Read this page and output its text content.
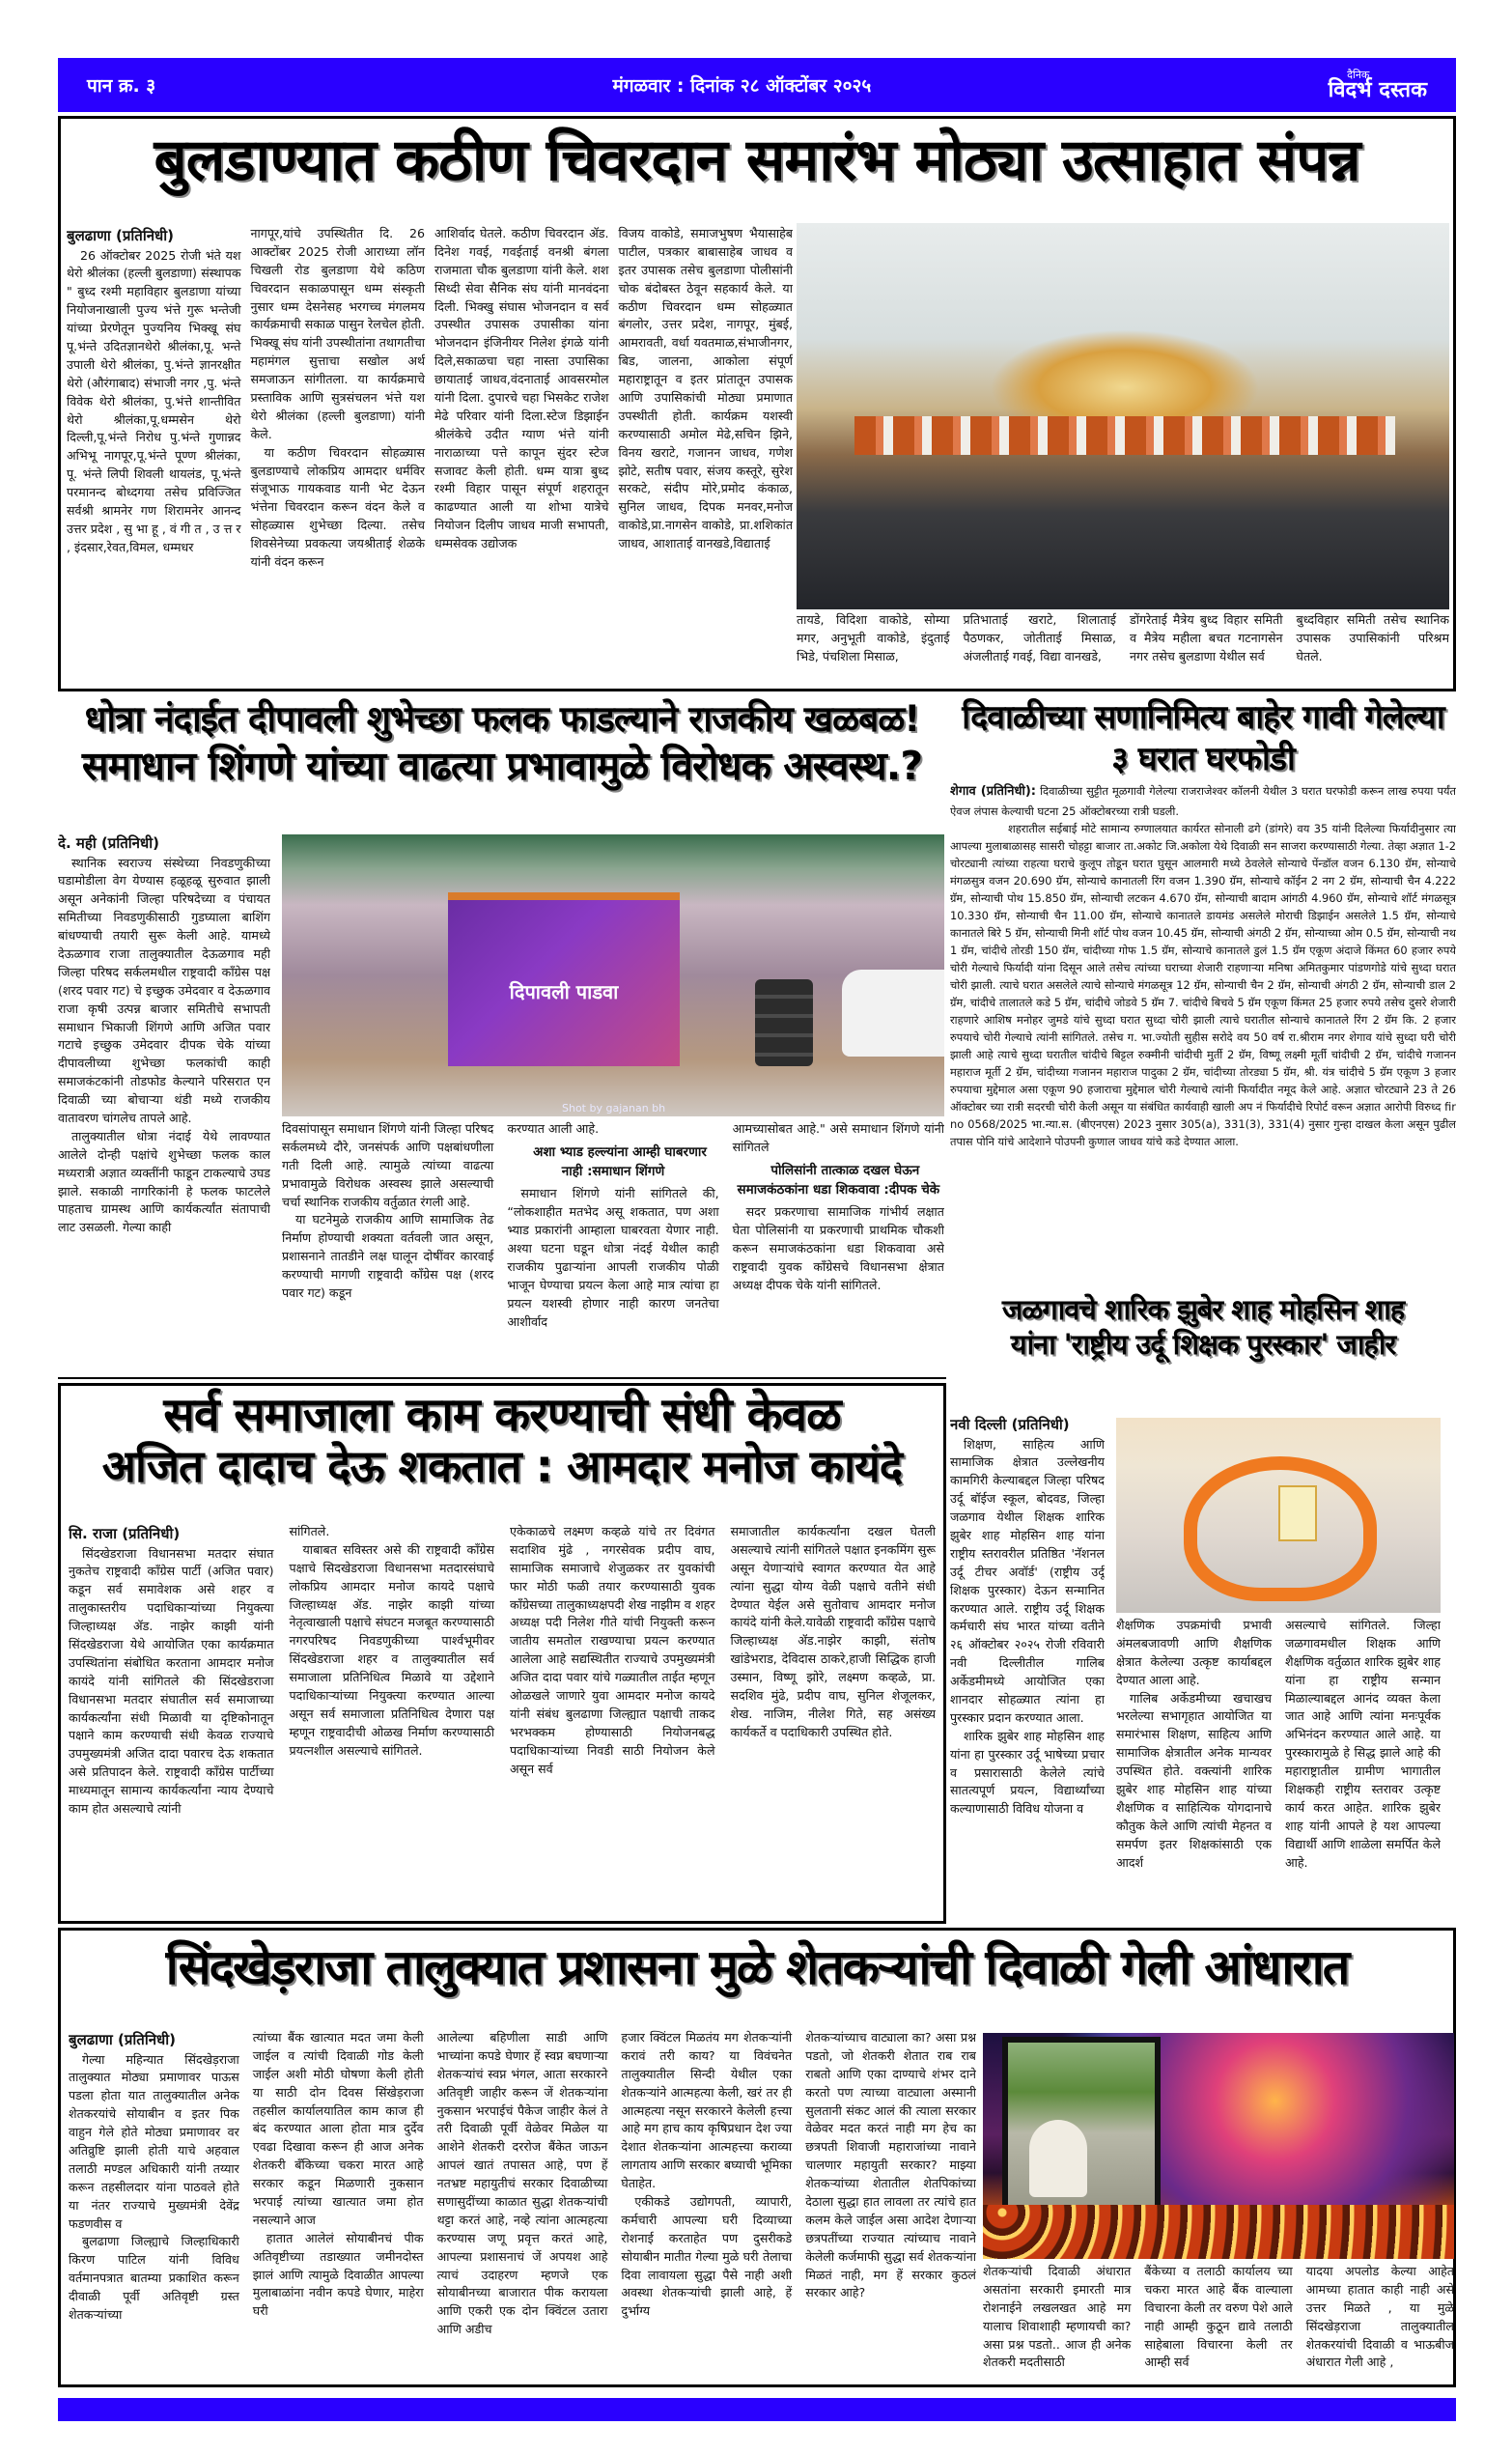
पान क्र. ३	मंगळवार : दिनांक २८ ऑक्टोंबर २०२५
दैनिक
विदर्भ दस्तक
बुलडाण्यात कठीण चिवरदान समारंभ मोठ्या उत्साहात संपन्न
बुलढाणा (प्रतिनिधी)

26 ऑक्टोबर 2025 रोजी भंते यश थेरो श्रीलंका (हल्ली बुलडाणा) संस्थापक " बुध्द रश्मी महाविहार बुलडाणा यांच्या नियोजनाखाली पुज्य भंत्ते गुरू भन्तेजी यांच्या प्रेरणेतून पुज्यनिय भिक्खू संघ पू.भंन्ते उदितज्ञानथेरो श्रीलंका,पू. भन्ते उपाली थेरो श्रीलंका, पु.भंन्ते ज्ञानरक्षीत थेरो (औरंगाबाद) संभाजी नगर ,पु. भंन्ते विवेक थेरो श्रीलंका, पु.भंत्ते शान्तीवित थेरो श्रीलंका,पू.धम्मसेन थेरो दिल्ली,पू.भंन्ते निरोध पु.भंन्ते गुणान्नद अभिभू नागपूर,पू.भंन्ते पूण्ण श्रीलंका, पू. भंन्ते लिपी शिवली थायलंड, पू.भंन्ते परमानन्द बोध्दगया तसेच प्रविज्जित सर्वश्री श्रामनेर गण शिरामनेर आनन्द उत्तर प्रदेश , सु भा हू , वं गी त , उ त्त र , इंदसार,रेवत,विमल, धम्मधर

नागपूर,यांचे उपस्थितीत दि. 26 आक्टोंबर 2025 रोजी आराध्या लॉन चिखली रोड बुलडाणा येथे कठिण चिवरदान सकाळपासून धम्म संस्कृती नुसार धम्म देसनेसह भरगच्च मंगलमय कार्यक्रमाची सकाळ पासुन रेलचेल होती. भिक्खू संघ यांनी उपस्थीतांना तथागतीचा महामंगल सुत्ताचा सखोल अर्थ समजाऊन सांगीतला. या कार्यक्रमाचे प्रस्ताविक आणि सुत्रसंचलन भंत्ते यश थेरो श्रीलंका (हल्ली बुलडाणा) यांनी केले.

या कठीण चिवरदान सोहळ्यास बुलडाण्याचे लोकप्रिय आमदार धर्मविर संजूभाऊ गायकवाड यानी भेट देऊन भंत्तेना चिवरदान करून वंदन केले व सोहळ्यास शुभेच्छा दिल्या. तसेच शिवसेनेच्या प्रवकत्या जयश्रीताई शेळके यांनी वंदन करून

आशिर्वाद घेतले. कठीण चिवरदान ॲड. दिनेश गवई, गवईताई वनश्री बंगला राजमाता चौक बुलडाणा यांनी केले. शश सिध्दी सेवा सैनिक संघ यांनी मानवंदना दिली. भिक्खु संघास भोजनदान व सर्व उपस्थीत उपासक उपासीका यांना भोजनदान इंजिनीयर निलेश इंगळे यांनी दिले,सकाळचा चहा नास्ता उपासिका छायाताई जाधव,वंदनाताई आवसरमोल यांनी दिला. दुपारचे चहा भिसकेट राजेश मेढे परिवार यांनी दिला.स्टेज डिझाईन श्रीलंकेचे उदीत ग्याण भंत्ते यांनी नाराळाच्या पत्ते कापून सुंदर स्टेज सजावट केली होती. धम्म यात्रा बुध्द रश्मी विहार पासून संपूर्ण शहरातून काढण्यात आली या शोभा यात्रेचे नियोजन दिलीप जाधव माजी सभापती, धम्मसेवक उद्योजक

विजय वाकोडे, समाजभुषण भैयासाहेब पाटील, पत्रकार बाबासाहेब जाधव व इतर उपासक तसेच बुलडाणा पोलीसांनी चोक बंदोबस्त ठेवून सहकार्य केले. या कठीण चिवरदान धम्म सोहळ्यात बंगलोर, उत्तर प्रदेश, नागपूर, मुंबई, आमरावती, वर्धा यवतमाळ,संभाजीनगर, बिड, जालना, आकोला संपूर्ण महाराष्ट्रातून व इतर प्रांतातून उपासक आणि उपासिकांची मोठ्या प्रमाणात उपस्थीती होती. कार्यक्रम यशस्वी करण्यासाठी अमोल मेढे,सचिन झिने, विनय खराटे, गजानन जाधव, गणेश झोटे, सतीष पवार, संजय कस्तूरे, सुरेश सरकटे, संदीप मोरे,प्रमोद कंकाळ, सुनिल जाधव, दिपक मनवर,मनोज वाकोडे,प्रा.नागसेन वाकोडे, प्रा.शशिकांत जाधव, आशाताई वानखडे,विद्याताई

तायडे, विदिशा वाकोडे, सोम्या मगर, अनुभूती वाकोडे, इंदुताई भिडे, पंचशिला मिसाळ,
प्रतिभाताई खराटे, शिलाताई पैठणकर, जोतीताई मिसाळ, अंजलीताई गवई, विद्या वानखडे,
डोंगरेताई मैत्रेय बुध्द विहार समिती व मैत्रेय महीला बचत गटनागसेन नगर तसेच बुलडाणा येथील सर्व
बुध्दविहार समिती तसेच स्थानिक उपासक उपासिकांनी परिश्रम घेतले.
धोत्रा नंदाईत दीपावली शुभेच्छा फलक फाडल्याने राजकीय खळबळ!
समाधान शिंगणे यांच्या वाढत्या प्रभावामुळे विरोधक अस्वस्थ.?
दे. मही (प्रतिनिधी)

स्थानिक स्वराज्य संस्थेच्या निवडणुकीच्या घडामोडीला वेग येण्यास हळूहळू सुरुवात झाली असून अनेकांनी जिल्हा परिषदेच्या व पंचायत समितीच्या निवडणुकीसाठी गुडघ्याला बाशिंग बांधण्याची तयारी सुरू केली आहे. यामध्ये देऊळगाव राजा तालुक्यातील देऊळगाव मही जिल्हा परिषद सर्कलमधील राष्ट्रवादी काँग्रेस पक्ष (शरद पवार गट) चे इच्छुक उमेदवार व देऊळगाव राजा कृषी उत्पन्न बाजार समितीचे सभापती समाधान भिकाजी शिंगणे आणि अजित पवार गटाचे इच्छुक उमेदवार दीपक चेके यांच्या दीपावलीच्या शुभेच्छा फलकांची काही समाजकंटकांनी तोडफोड केल्याने परिसरात एन दिवाळी च्या बोचाऱ्या थंडी मध्ये राजकीय वातावरण चांगलेच तापले आहे.

तालुक्यातील धोत्रा नंदाई येथे लावण्यात आलेले दोन्ही पक्षांचे शुभेच्छा फलक काल मध्यरात्री अज्ञात व्यक्तींनी फाडून टाकल्याचे उघड झाले. सकाळी नागरिकांनी हे फलक फाटलेले पाहताच ग्रामस्थ आणि कार्यकर्त्यांत संतापाची लाट उसळली. गेल्या काही

दिपावली पाडवा
Shot by gajanan bh

दिवसांपासून समाधान शिंगणे यांनी जिल्हा परिषद सर्कलमध्ये दौरे, जनसंपर्क आणि पक्षबांधणीला गती दिली आहे. त्यामुळे त्यांच्या वाढत्या प्रभावामुळे विरोधक अस्वस्थ झाले असल्याची चर्चा स्थानिक राजकीय वर्तुळात रंगली आहे.

या घटनेमुळे राजकीय आणि सामाजिक तेढ निर्माण होण्याची शक्यता वर्तवली जात असून, प्रशासनाने तातडीने लक्ष घालून दोषींवर कारवाई करण्याची मागणी राष्ट्रवादी काँग्रेस पक्ष (शरद पवार गट) कडून

करण्यात आली आहे.

अशा भ्याड हल्ल्यांना आम्ही घाबरणार नाही :समाधान शिंगणे

समाधान शिंगणे यांनी सांगितले की, “लोकशाहीत मतभेद असू शकतात, पण अशा भ्याड प्रकारांनी आम्हाला घाबरवता येणार नाही. अश्या घटना घडून धोत्रा नंदई येथील काही राजकीय पुढाऱ्यांना आपली राजकीय पोळी भाजून घेण्याचा प्रयत्न केला आहे मात्र त्यांचा हा प्रयत्न यशस्वी होणार नाही कारण जनतेचा आशीर्वाद

आमच्यासोबत आहे." असे समाधान शिंगणे यांनी सांगितले

पोलिसांनी तात्काळ दखल घेऊन समाजकंठकांना धडा शिकवावा :दीपक चेके

सदर प्रकरणाचा सामाजिक गांभीर्य लक्षात घेता पोलिसांनी या प्रकरणाची प्राथमिक चौकशी करून समाजकंठकांना धडा शिकवावा असे राष्ट्रवादी युवक काँग्रेसचे विधानसभा क्षेत्रात अध्यक्ष दीपक चेके यांनी सांगितले.

दिवाळीच्या सणानिमित्य बाहेर गावी गेलेल्या ३ घरात घरफोडी

शेगाव (प्रतिनिधी): दिवाळीच्या सुट्टीत मूळगावी गेलेल्या राजराजेश्वर कॉलनी येथील 3 घरात घरफोडी करून लाख रुपया पर्यंत ऐवज लंपास केल्याची घटना 25 ऑक्टोबरच्या रात्री घडली.

शहरातील सईबाई मोटे सामान्य रुग्णालयात कार्यरत सोनाली ढगे (डांगरे) वय 35 यांनी दिलेल्या फिर्यादीनुसार त्या आपल्या मुलाबाळासह सासरी चोहट्टा बाजार ता.अकोट जि.अकोला येथे दिवाळी सन साजरा करण्यासाठी गेल्या. तेव्हा अज्ञात 1-2 चोरट्यानी त्यांच्या राहत्या घराचे कुलूप तोडून घरात घुसून आलमारी मध्ये ठेवलेले सोन्याचे पेंन्डॉल वजन 6.130 ग्रॅम, सोन्याचे मंगळसुत्र वजन 20.690 ग्रॅम, सोन्याचे कानातली रिंग वजन 1.390 ग्रॅम, सोन्याचे कॉईन 2 नग 2 ग्रॅम, सोन्याची चैन 4.222 ग्रॅम, सोन्याची पोथ 15.850 ग्रॅम, सोन्याची लटकन 4.670 ग्रॅम, सोन्याची बादाम आंगठी 4.960 ग्रॅम, सोन्याचे शॉर्ट मंगळसूत्र 10.330 ग्रॅम, सोन्याची चैन 11.00 ग्रॅम, सोन्याचे कानातले डायमंड असलेले मोराची डिझाईन असलेले 1.5 ग्रॅम, सोन्याचे कानातले बिरे 5 ग्रॅम, सोन्याची मिनी शॉर्ट पोथ वजन 10.45 ग्रॅम, सोन्याची अंगठी 2 ग्रॅम, सोन्याच्या ओम 0.5 ग्रॅम, सोन्याची नथ 1 ग्रॅम, चांदीचे तोरडी 150 ग्रॅम, चांदीच्या गोफ 1.5 ग्रॅम, सोन्याचे कानातले डुलं 1.5 ग्रॅम एकूण अंदाजे किंमत 60 हजार रुपये चोरी गेल्याचे फिर्यादी यांना दिसून आले तसेच त्यांच्या घराच्या शेजारी राहणाऱ्या मनिषा अमितकुमार पांडणगोडे यांचे सुध्दा घरात चोरी झाली. त्याचे घरात असलेले त्याचे सोन्याचे मंगळसूत्र 12 ग्रॅम, सोन्याची चैन 2 ग्रॅम, सोन्याची अंगठी 2 ग्रॅम, सोन्याची डाल 2 ग्रॅम, चांदीचे तालातले कडे 5 ग्रॅम, चांदीचे जोडवे 5 ग्रॅम 7. चांदीचे बिचवे 5 ग्रॅम एकूण किंमत 25 हजार रुपये तसेच दुसरे शेजारी राहणारे आशिष मनोहर जुमडे यांचे सुध्दा घरात सुध्दा चोरी झाली त्याचे घरातील सोन्याचे कानातले रिंग 2 ग्रॅम कि. 2 हजार रुपयाचे चोरी गेल्याचे त्यांनी सांगितले. तसेच ग. भा.ज्योती सुहीस सरोदे वय 50 वर्ष रा.श्रीराम नगर शेगाव यांचे सुध्दा घरी चोरी झाली आहे त्याचे सुध्दा घरातील चांदीचे बिट्टल रुक्मीनी चांदीची मुर्ती 2 ग्रॅम, विष्णू लक्ष्मी मूर्ती चांदीची 2 ग्रॅम, चांदीचे गजानन महाराज मूर्ती 2 ग्रॅम, चांदीच्या गजानन महाराज पादुका 2 ग्रॅम, चांदीच्या तोरड्या 5 ग्रॅम, श्री. यंत्र चांदीचे 5 ग्रॅम एकूण 3 हजार रुपयाचा मुद्देमाल असा एकूण 90 हजाराचा मुद्देमाल चोरी गेल्याचे त्यांनी फिर्यादीत नमूद केले आहे. अज्ञात चोरट्याने 23 ते 26 ऑक्टोबर च्या रात्री सदरची चोरी केली असून या संबंधित कार्यवाही खाली अप नं फिर्यादीचे रिपोर्ट वरून अज्ञात आरोपी विरुध्द fir no 0568/2025 भा.न्या.स. (बीएनएस) 2023 नुसार 305(a), 331(3), 331(4) नुसार गुन्हा दाखल केला असून पुढील तपास पोनि यांचे आदेशाने पोउपनी कुणाल जाधव यांचे कडे देण्यात आला.

जळगावचे शारिक झुबेर शाह मोहसिन शाह
यांना 'राष्ट्रीय उर्दू शिक्षक पुरस्कार' जाहीर
नवी दिल्ली (प्रतिनिधी)

शिक्षण, साहित्य आणि सामाजिक क्षेत्रात उल्लेखनीय कामगिरी केल्याबद्दल जिल्हा परिषद उर्दू बॉईज स्कूल, बोदवड, जिल्हा जळगाव येथील शिक्षक शारिक झुबेर शाह मोहसिन शाह यांना राष्ट्रीय स्तरावरील प्रतिष्ठित 'नॅशनल उर्दू टीचर अवॉर्ड' (राष्ट्रीय उर्दू शिक्षक पुरस्कार) देऊन सन्मानित करण्यात आले. राष्ट्रीय उर्दू शिक्षक कर्मचारी संघ भारत यांच्या वतीने २६ ऑक्टोबर २०२५ रोजी रविवारी नवी दिल्लीतील गालिब अर्केडमीमध्ये आयोजित एका शानदार सोहळ्यात त्यांना हा पुरस्कार प्रदान करण्यात आला.

शारिक झुबेर शाह मोहसिन शाह यांना हा पुरस्कार उर्दू भाषेच्या प्रचार व प्रसारासाठी केलेले त्यांचे सातत्यपूर्ण प्रयत्न, विद्यार्थ्यांच्या कल्याणासाठी विविध योजना व

शैक्षणिक उपक्रमांची प्रभावी अंमलबजावणी आणि शैक्षणिक क्षेत्रात केलेल्या उत्कृष्ट कार्याबद्दल देण्यात आला आहे.

गालिब अर्केडमीच्या खचाखच भरलेल्या सभागृहात आयोजित या समारंभास शिक्षण, साहित्य आणि सामाजिक क्षेत्रातील अनेक मान्यवर उपस्थित होते. वक्त्यांनी शारिक झुबेर शाह मोहसिन शाह यांच्या शैक्षणिक व साहित्यिक योगदानाचे कौतुक केले आणि त्यांची मेहनत व समर्पण इतर शिक्षकांसाठी एक आदर्श

असल्याचे सांगितले. जिल्हा जळगावमधील शिक्षक आणि शैक्षणिक वर्तुळात शारिक झुबेर शाह यांना हा राष्ट्रीय सन्मान मिळाल्याबद्दल आनंद व्यक्त केला जात आहे आणि त्यांना मनःपूर्वक अभिनंदन करण्यात आले आहे. या पुरस्कारामुळे हे सिद्ध झाले आहे की महाराष्ट्रातील ग्रामीण भागातील शिक्षकही राष्ट्रीय स्तरावर उत्कृष्ट कार्य करत आहेत. शारिक झुबेर शाह यांनी आपले हे यश आपल्या विद्यार्थी आणि शाळेला समर्पित केले आहे.

सर्व समाजाला काम करण्याची संधी केवळ
अजित दादाच देऊ शकतात : आमदार मनोज कायंदे
सि. राजा (प्रतिनिधी)

सिंदखेडराजा विधानसभा मतदार संघात नुकतेच राष्ट्रवादी काँग्रेस पार्टी (अजित पवार) कडून सर्व समावेशक असे शहर व तालुकास्तरीय पदाधिकाऱ्यांच्या नियुक्त्या जिल्हाध्यक्ष ॲड. नाझेर काझी यांनी सिंदखेडराजा येथे आयोजित एका कार्यक्रमात उपस्थितांना संबोधित करताना आमदार मनोज कायंदे यांनी सांगितले की सिंदखेडराजा विधानसभा मतदार संघातील सर्व समाजाच्या कार्यकर्त्यांना संधी मिळावी या दृष्टिकोनातून पक्षाने काम करण्याची संधी केवळ राज्याचे उपमुख्यमंत्री अजित दादा पवारच देऊ शकतात असे प्रतिपादन केले. राष्ट्रवादी काँग्रेस पार्टीच्या माध्यमातून सामान्य कार्यकर्त्यांना न्याय देण्याचे काम होत असल्याचे त्यांनी

सांगितले.

याबाबत सविस्तर असे की राष्ट्रवादी काँग्रेस पक्षाचे सिदखेडराजा विधानसभा मतदारसंघाचे लोकप्रिय आमदार मनोज कायदे पक्षाचे जिल्हाध्यक्ष ॲड. नाझेर काझी यांच्या नेतृत्वाखाली पक्षाचे संघटन मजबूत करण्यासाठी नगरपरिषद निवडणुकीच्या पार्श्वभूमीवर सिंदखेडराजा शहर व तालुक्यातील सर्व समाजाला प्रतिनिधित्व मिळावे या उद्देशाने पदाधिकाऱ्यांच्या नियुक्त्या करण्यात आल्या असून सर्व समाजाला प्रतिनिधित्व देणारा पक्ष म्हणून राष्ट्रवादीची ओळख निर्माण करण्यासाठी प्रयत्नशील असल्याचे सांगितले.

एकेकाळचे लक्ष्मण कव्हळे यांचे तर दिवंगत सदाशिव मुंढे , नगरसेवक प्रदीप वाघ, सामाजिक समाजाचे शेजुळकर तर युवकांची फार मोठी फळी तयार करण्यासाठी युवक काँग्रेसच्या तालुकाध्यक्षपदी शेख नाझीम व शहर अध्यक्ष पदी निलेश गीते यांची नियुक्ती करून जातीय समतोल राखण्याचा प्रयत्न करण्यात आलेला आहे सद्यस्थितीत राज्याचे उपमुख्यमंत्री अजित दादा पवार यांचे गळ्यातील ताईत म्हणून ओळखले जाणारे युवा आमदार मनोज कायदे यांनी संबंध बुलढाणा जिल्ह्यात पक्षाची ताकद भरभक्कम होण्यासाठी नियोजनबद्ध पदाधिकाऱ्यांच्या निवडी साठी नियोजन केले असून सर्व

समाजातील कार्यकर्त्यांना दखल घेतली असल्याचे त्यांनी सांगितले पक्षात इनकमिंग सुरू असून येणाऱ्यांचे स्वागत करण्यात येत आहे त्यांना सुद्धा योग्य वेळी पक्षाचे वतीने संधी देण्यात येईल असे सुतोवाच आमदार मनोज कायंदे यांनी केले.यावेळी राष्ट्रवादी काँग्रेस पक्षाचे जिल्हाध्यक्ष ॲड.नाझेर काझी, संतोष खांडेभराड, देविदास ठाकरे,हाजी सिद्धिक हाजी उस्मान, विष्णू झोरे, लक्ष्मण कव्हळे, प्रा. सदशिव मुंढे, प्रदीप वाघ, सुनिल शेजूलकर, शेख. नाजिम, नीलेश गिते, सह असंख्य कार्यकर्ते व पदाधिकारी उपस्थित होते.

सिंदखेड़राजा तालुक्यात प्रशासना मुळे शेतकऱ्यांची दिवाळी गेली आंधारात
बुलढाणा (प्रतिनिधी)

गेल्या महिन्यात सिंदखेड़राजा तालुक्यात मोठ्या प्रमाणावर पाऊस पडला होता यात तालुक्यातील अनेक शेतकरयांचे सोयाबीन व इतर पिक वाहुन गेले होते मोठ्या प्रमाणावर वर अतिव्रुष्टि झाली होती याचे अहवाल तलाठी मण्डल अधिकारी यांनी तय्यार करून तहसीलदार यांना पाठवले होते या नंतर राज्याचे मुख्यमंत्री देवेंद्र फडणवीस व

बुलढाणा जिल्ह्याचे जिल्हाधिकारी किरण पाटिल यांनी विविध वर्तमानपत्रात बातम्या प्रकाशित करून दीवाळी पूर्वी अतिवृष्टी ग्रस्त शेतकऱ्यांच्या

त्यांच्या बैंक खात्यात मदत जमा केली जाईल व त्यांची दिवाळी गोड केली जाईल अशी मोठी घोषणा केली होती या साठी दोन दिवस सिंखेड़राजा तहसील कार्यालयातिल काम काज ही बंद करण्यात आला होता मात्र दुर्देव एवढा दिखावा करून ही आज अनेक शेतकरी बॅंकिच्या चकरा मारत आहे सरकार कडून मिळणारी नुकसान भरपाई त्यांच्या खात्यात जमा होत नसल्याने आज

हातात आलेलं सोयाबीनचं पीक अतिवृष्टीच्या तडाख्यात जमीनदोस्त झालं आणि त्यामुळे दिवाळीत आपल्या मुलाबाळांना नवीन कपडे घेणार, माहेरा घरी

आलेल्या बहिणीला साडी आणि भाच्यांना कपडे घेणार हें स्वप्न बघणाऱ्या शेतकऱ्यांचं स्वप्न भंगल, आता सरकारने अतिवृष्टी जाहीर करून जें शेतकऱ्यांना नुकसान भरपाईचं पैकेज जाहीर केलं ते तरी दिवाळी पूर्वी वेळेवर मिळेल या आशेने शेतकरी दररोज बैंकेत जाऊन आपलं खातं तपासत आहे, पण हें नतभ्रष्ट महायुतीचं सरकार दिवाळीच्या सणासुदींच्या काळात सुद्धा शेतकऱ्यांची थट्टा करतं आहे, नव्हे त्यांना आत्महत्या करण्यास जणू प्रवृत्त करतं आहे, आपल्या प्रशासनाचं जें अपयश आहे त्याचं उदाहरण म्हणजे एक सोयाबीनच्या बाजारात पीक करायला आणि एकरी एक दोन क्विंटल उतारा आणि अडीच

हजार क्विंटल मिळतंय मग शेतकऱ्यांनी करावं तरी काय? या विवंचनेत तालुक्यातील सिन्दी येथील एका शेतकऱ्यांने आत्महत्या केली, खरं तर ही आत्महत्या नसून सरकारने केलेली हत्त्या आहे मग हाच काय कृषिप्रधान देश ज्या देशात शेतकऱ्यांना आत्महत्त्या कराव्या लागताय आणि सरकार बघ्याची भूमिका घेताहेत.

एकीकडे उद्योगपती, व्यापारी, कर्मचारी आपल्या घरी दिव्याच्या रोशनाई करताहेत पण दुसरीकडे सोयाबीन मातीत गेल्या मुळे घरी तेलाचा दिवा लावायला सुद्धा पैसे नाही अशी अवस्था शेतकऱ्यांची झाली आहे, हें दुर्भाग्य

शेतकऱ्यांच्याच वाट्याला का? असा प्रश्न पडतो, जो शेतकरी शेतात राब राब राबतो आणि एका दाण्याचे शंभर दाने करतो पण त्याच्या वाट्याला अस्मानी सुलतानी संकट आलं की त्याला सरकार वेळेवर मदत करतं नाही मग हेच का छत्रपती शिवाजी महाराजांच्या नावाने चालणार महायुती सरकार? माझ्या शेतकऱ्यांच्या शेतातील शेतपिकांच्या देठाला सुद्धा हात लावला तर त्यांचे हात कलम केले जाईल असा आदेश देणाऱ्या छत्रपतींच्या राज्यात त्यांच्याच नावाने केलेली कर्जमाफी सुद्धा सर्व शेतकऱ्यांना मिळतं नाही, मग हें सरकार कुठलं सरकार आहे?

शेतकऱ्यांची दिवाळी अंधारात असतांना सरकारी इमारती मात्र रोशनाईने लखलखत आहे मग यालाच शिवाशाही म्हणायची का? असा प्रश्न पडतो.. आज ही अनेक शेतकरी मदतीसाठी
बैंकेच्या व तलाठी कार्यालय च्या चकरा मारत आहे बैंक वाल्याला विचारना केली तर वरुण पेशे आले नाही आम्ही कुठून द्यावे तलाठी साहेबाला विचारना केली तर आम्ही सर्व
यादया अपलोड केल्या आहेत आमच्या हातात काही नाही असे उत्तर मिळते , या मुळे सिंदखेड़राजा तालुक्यातील शेतकरयांची दिवाळी व भाऊबीज अंधारात गेली आहे ,
